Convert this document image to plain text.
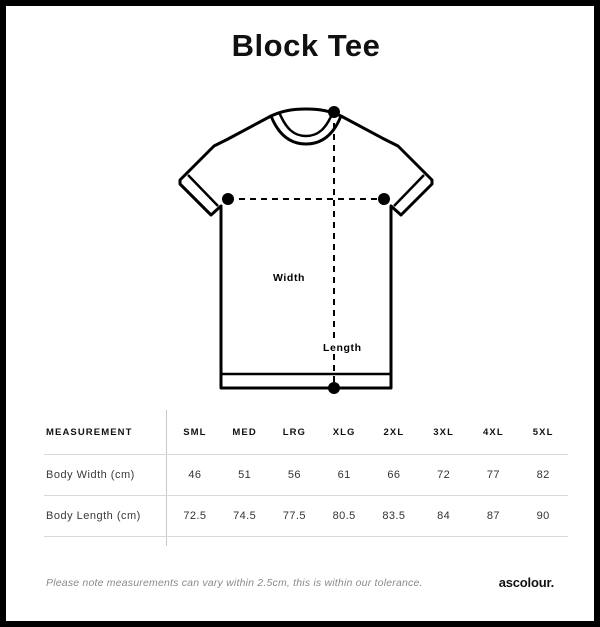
Block Tee
Width
Length
MEASUREMENT	SML	MED	LRG	XLG	2XL	3XL	4XL	5XL
Body Width (cm)	46	51	56	61	66	72	77	82
Body Length (cm)	72.5	74.5	77.5	80.5	83.5	84	87	90
Please note measurements can vary within 2.5cm, this is within our tolerance.	ascolour.
